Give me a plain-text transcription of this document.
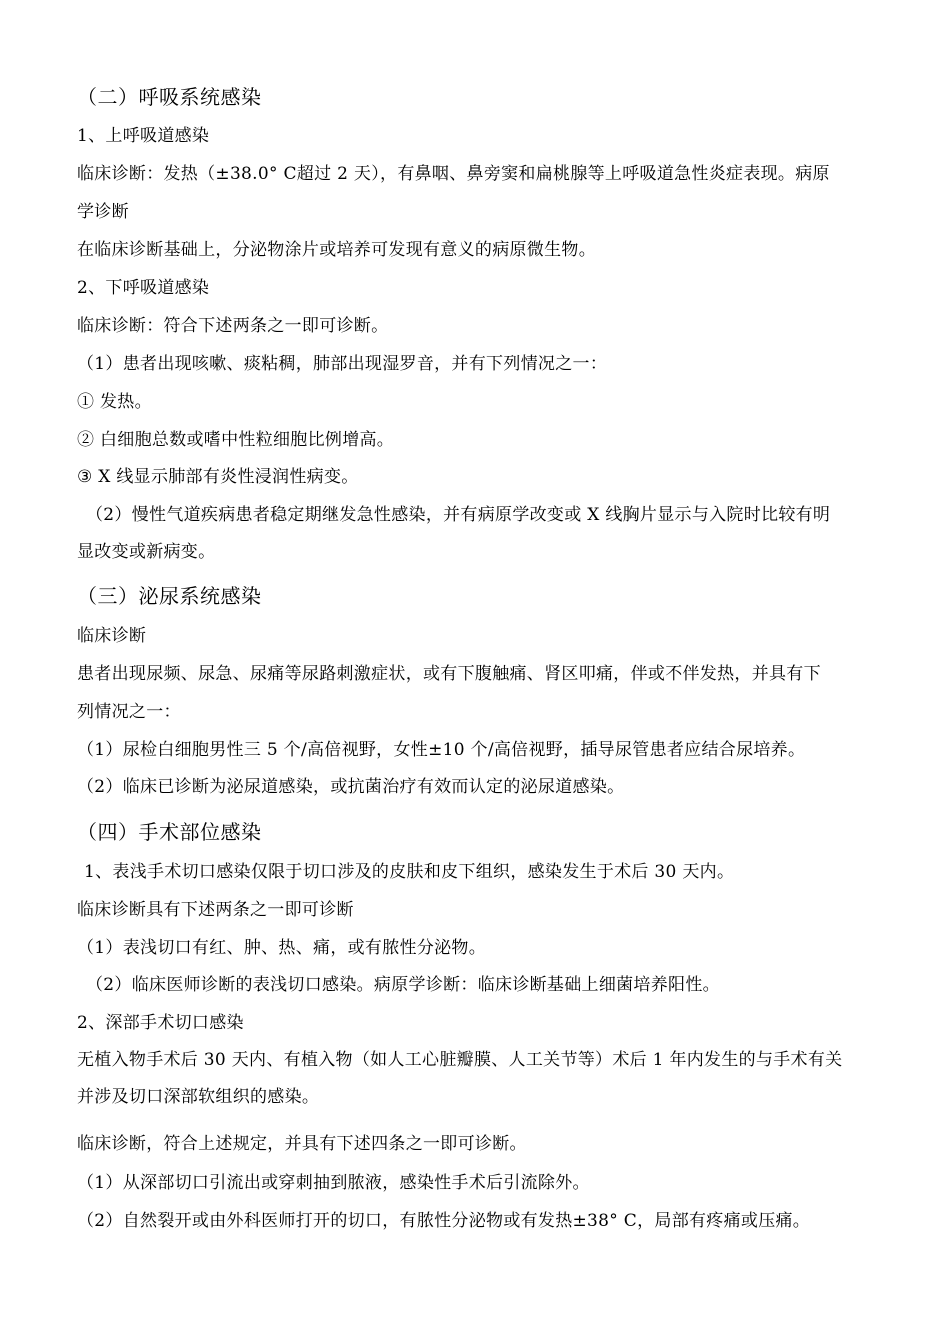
（二）呼吸系统感染
1、上呼吸道感染
临床诊断：发热（±38.0° C超过 2 天），有鼻咽、鼻旁窦和扁桃腺等上呼吸道急性炎症表现。病原
学诊断
在临床诊断基础上，分泌物涂片或培养可发现有意义的病原微生物。
2、下呼吸道感染
临床诊断：符合下述两条之一即可诊断。
（1）患者出现咳嗽、痰粘稠，肺部出现湿罗音，并有下列情况之一：
① 发热。
② 白细胞总数或嗜中性粒细胞比例增高。
③ X 线显示肺部有炎性浸润性病变。
（2）慢性气道疾病患者稳定期继发急性感染，并有病原学改变或 X 线胸片显示与入院时比较有明
显改变或新病变。
（三）泌尿系统感染
临床诊断
患者出现尿频、尿急、尿痛等尿路刺激症状，或有下腹触痛、肾区叩痛，伴或不伴发热，并具有下
列情况之一：
（1）尿检白细胞男性三 5 个/高倍视野，女性±10 个/高倍视野，插导尿管患者应结合尿培养。
（2）临床已诊断为泌尿道感染，或抗菌治疗有效而认定的泌尿道感染。
（四）手术部位感染
1、表浅手术切口感染仅限于切口涉及的皮肤和皮下组织，感染发生于术后 30 天内。
临床诊断具有下述两条之一即可诊断
（1）表浅切口有红、肿、热、痛，或有脓性分泌物。
（2）临床医师诊断的表浅切口感染。病原学诊断：临床诊断基础上细菌培养阳性。
2、深部手术切口感染
无植入物手术后 30 天内、有植入物（如人工心脏瓣膜、人工关节等）术后 1 年内发生的与手术有关
并涉及切口深部软组织的感染。
临床诊断，符合上述规定，并具有下述四条之一即可诊断。
（1）从深部切口引流出或穿刺抽到脓液，感染性手术后引流除外。
（2）自然裂开或由外科医师打开的切口，有脓性分泌物或有发热±38° C，局部有疼痛或压痛。
